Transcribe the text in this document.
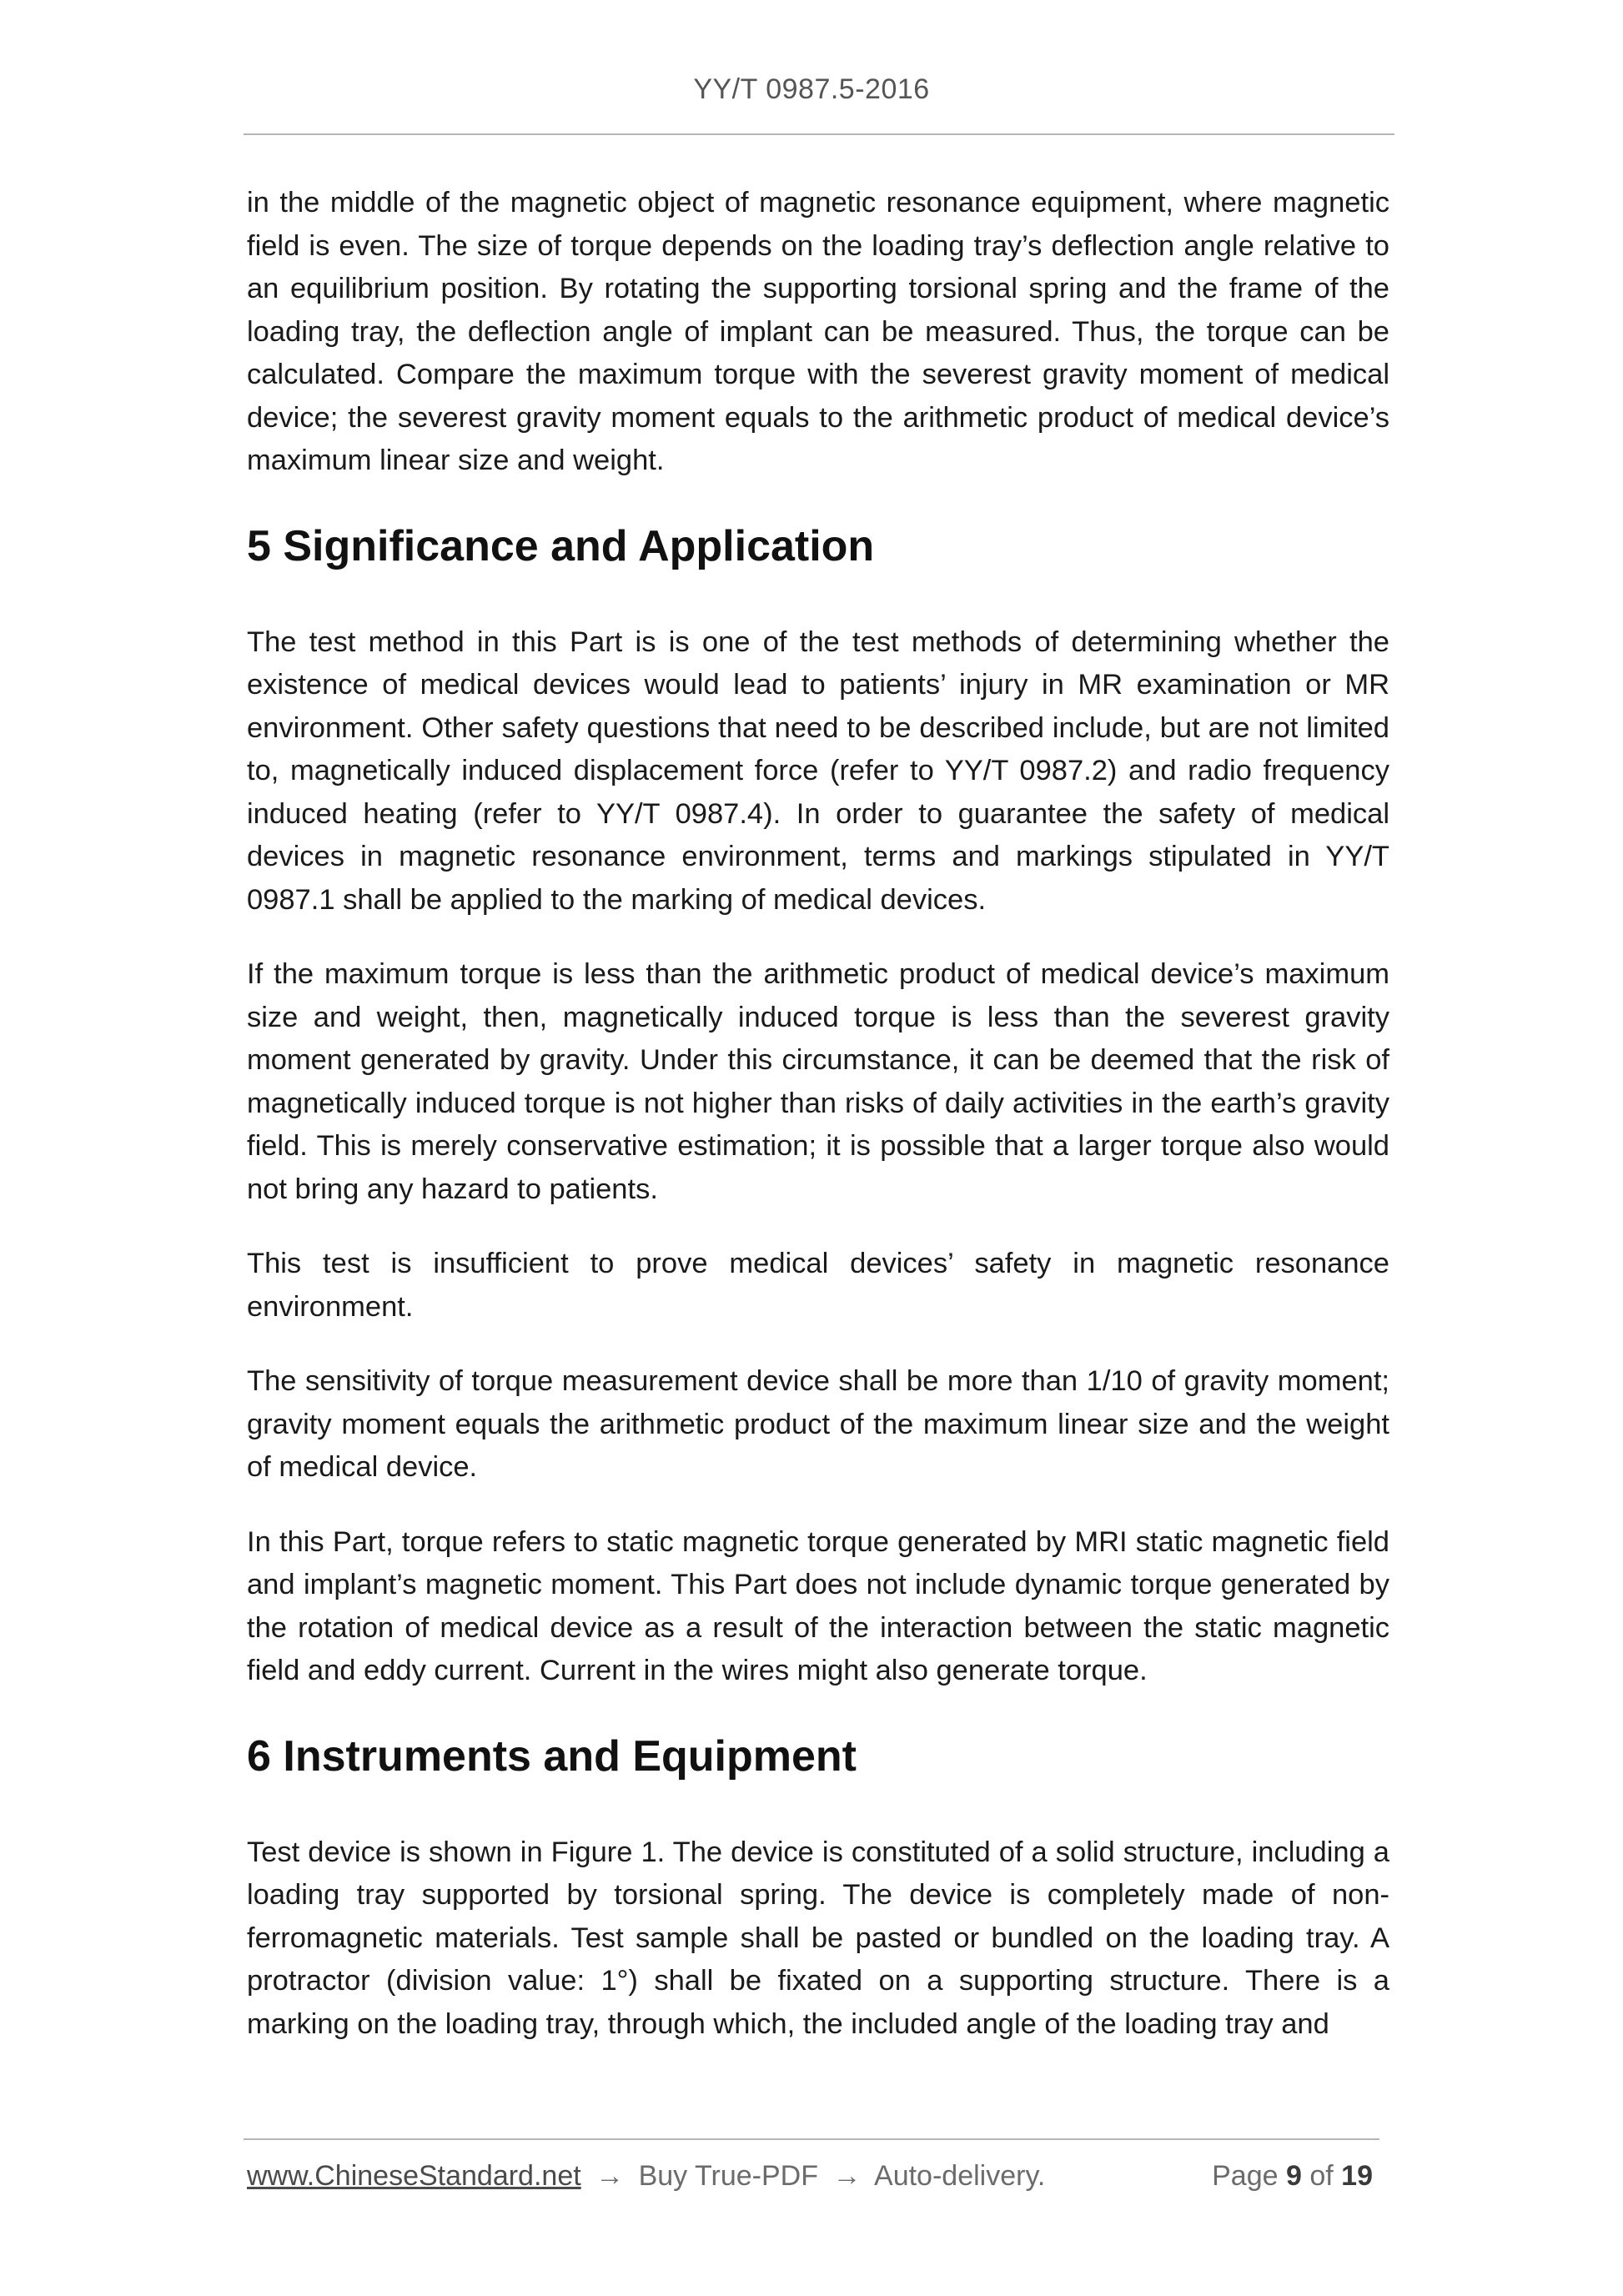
YY/T 0987.5-2016

in the middle of the magnetic object of magnetic resonance equipment, where magnetic field is even. The size of torque depends on the loading tray’s deflection angle relative to an equilibrium position. By rotating the supporting torsional spring and the frame of the loading tray, the deflection angle of implant can be measured. Thus, the torque can be calculated. Compare the maximum torque with the severest gravity moment of medical device; the severest gravity moment equals to the arithmetic product of medical device’s maximum linear size and weight.

5 Significance and Application

The test method in this Part is is one of the test methods of determining whether the existence of medical devices would lead to patients’ injury in MR examination or MR environment. Other safety questions that need to be described include, but are not limited to, magnetically induced displacement force (refer to YY/T 0987.2) and radio frequency induced heating (refer to YY/T 0987.4). In order to guarantee the safety of medical devices in magnetic resonance environment, terms and markings stipulated in YY/T 0987.1 shall be applied to the marking of medical devices.

If the maximum torque is less than the arithmetic product of medical device’s maximum size and weight, then, magnetically induced torque is less than the severest gravity moment generated by gravity. Under this circumstance, it can be deemed that the risk of magnetically induced torque is not higher than risks of daily activities in the earth’s gravity field. This is merely conservative estimation; it is possible that a larger torque also would not bring any hazard to patients.

This test is insufficient to prove medical devices’ safety in magnetic resonance environment.

The sensitivity of torque measurement device shall be more than 1/10 of gravity moment; gravity moment equals the arithmetic product of the maximum linear size and the weight of medical device.

In this Part, torque refers to static magnetic torque generated by MRI static magnetic field and implant’s magnetic moment. This Part does not include dynamic torque generated by the rotation of medical device as a result of the interaction between the static magnetic field and eddy current. Current in the wires might also generate torque.

6 Instruments and Equipment

Test device is shown in Figure 1. The device is constituted of a solid structure, including a loading tray supported by torsional spring. The device is completely made of non-ferromagnetic materials. Test sample shall be pasted or bundled on the loading tray. A protractor (division value: 1°) shall be fixated on a supporting structure. There is a marking on the loading tray, through which, the included angle of the loading tray and

www.ChineseStandard.net → Buy True-PDF → Auto-delivery.	Page 9 of 19
